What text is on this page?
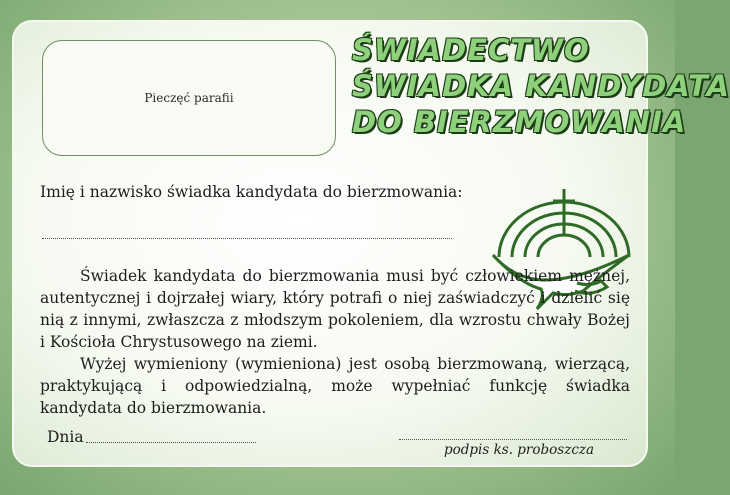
Pieczęć parafii
ŚWIADECTWO
ŚWIADKA KANDYDATA
DO BIERZMOWANIA
Imię i nazwisko świadka kandydata do bierzmowania:
Świadek kandydata do bierzmowania musi być człowiekiem mężnej, autentycznej i dojrzałej wiary, który potrafi o niej zaświadczyć i dzielić się nią z innymi, zwłaszcza z młodszym pokoleniem, dla wzrostu chwały Bożej i Kościoła Chrystusowego na ziemi.
Wyżej wymieniony (wymieniona) jest osobą bierzmowaną, wierzącą, praktykującą i odpowiedzialną, może wypełniać funkcję świadka kandydata do bierzmowania.
Dnia
podpis ks. proboszcza
